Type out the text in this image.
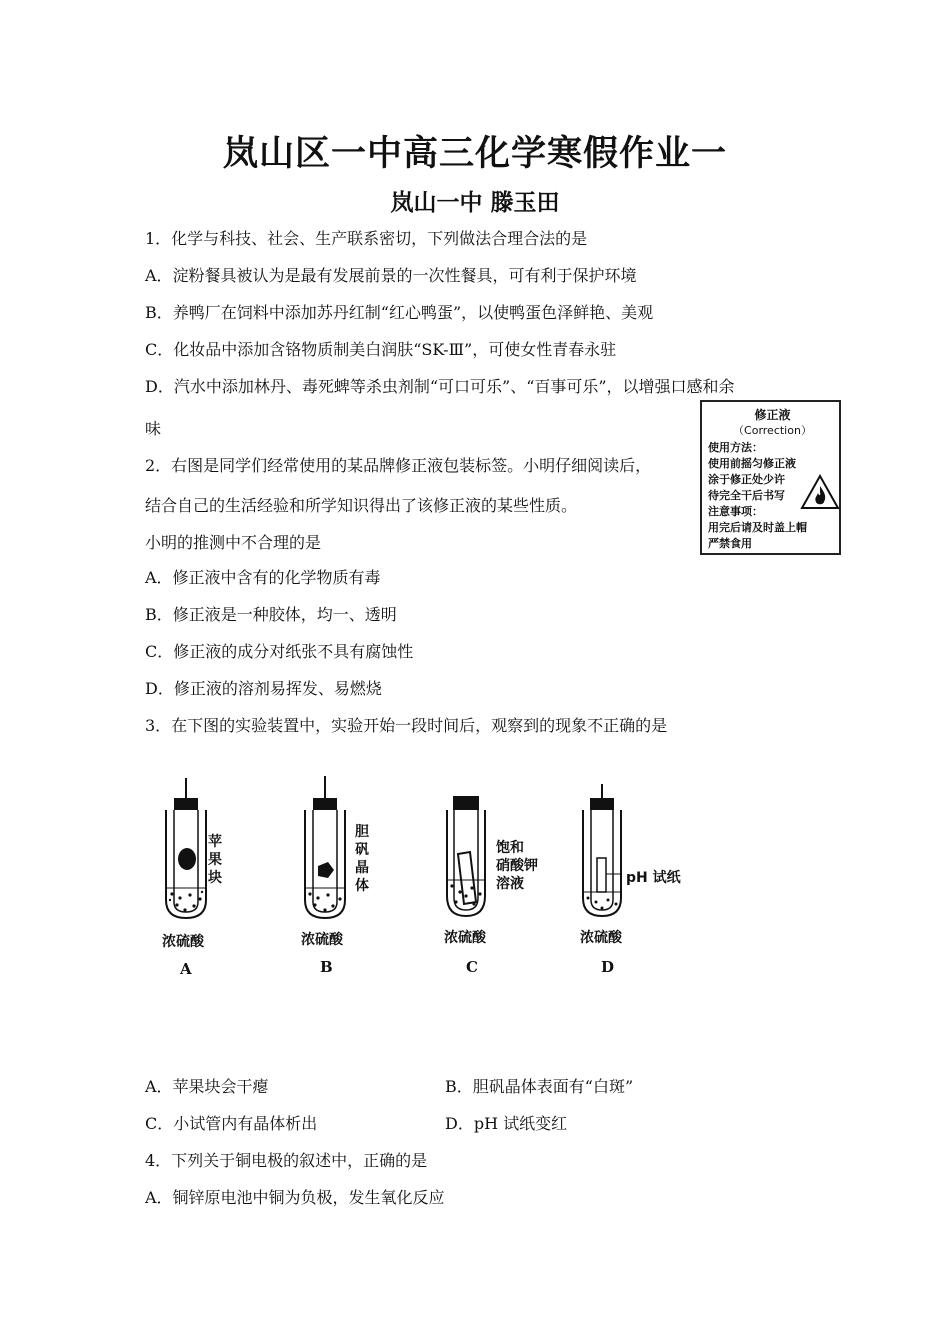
岚山区一中高三化学寒假作业一
岚山一中 滕玉田
1．化学与科技、社会、生产联系密切，下列做法合理合法的是
A．淀粉餐具被认为是最有发展前景的一次性餐具，可有利于保护环境
B．养鸭厂在饲料中添加苏丹红制“红心鸭蛋”，以使鸭蛋色泽鲜艳、美观
C．化妆品中添加含铬物质制美白润肤“SK-Ⅲ”，可使女性青春永驻
D．汽水中添加林丹、毒死蜱等杀虫剂制“可口可乐”、“百事可乐”，以增强口感和余
味
2．右图是同学们经常使用的某品牌修正液包装标签。小明仔细阅读后，
结合自己的生活经验和所学知识得出了该修正液的某些性质。
小明的推测中不合理的是
A．修正液中含有的化学物质有毒
B．修正液是一种胶体，均一、透明
C．修正液的成分对纸张不具有腐蚀性
D．修正液的溶剂易挥发、易燃烧
修正液
（Correction）
使用方法：
使用前摇匀修正液
涂于修正处少许
待完全干后书写
注意事项：
用完后请及时盖上帽
严禁食用
3．在下图的实验装置中，实验开始一段时间后，观察到的现象不正确的是
苹
果
块
浓硫酸
A
胆
矾
晶
体
浓硫酸
B
饱和
硝酸钾
溶液
浓硫酸
C
pH 试纸
浓硫酸
D
A．苹果块会干瘪	B．胆矾晶体表面有“白斑”
C．小试管内有晶体析出	D．pH 试纸变红
4．下列关于铜电极的叙述中，正确的是
A．铜锌原电池中铜为负极，发生氧化反应
